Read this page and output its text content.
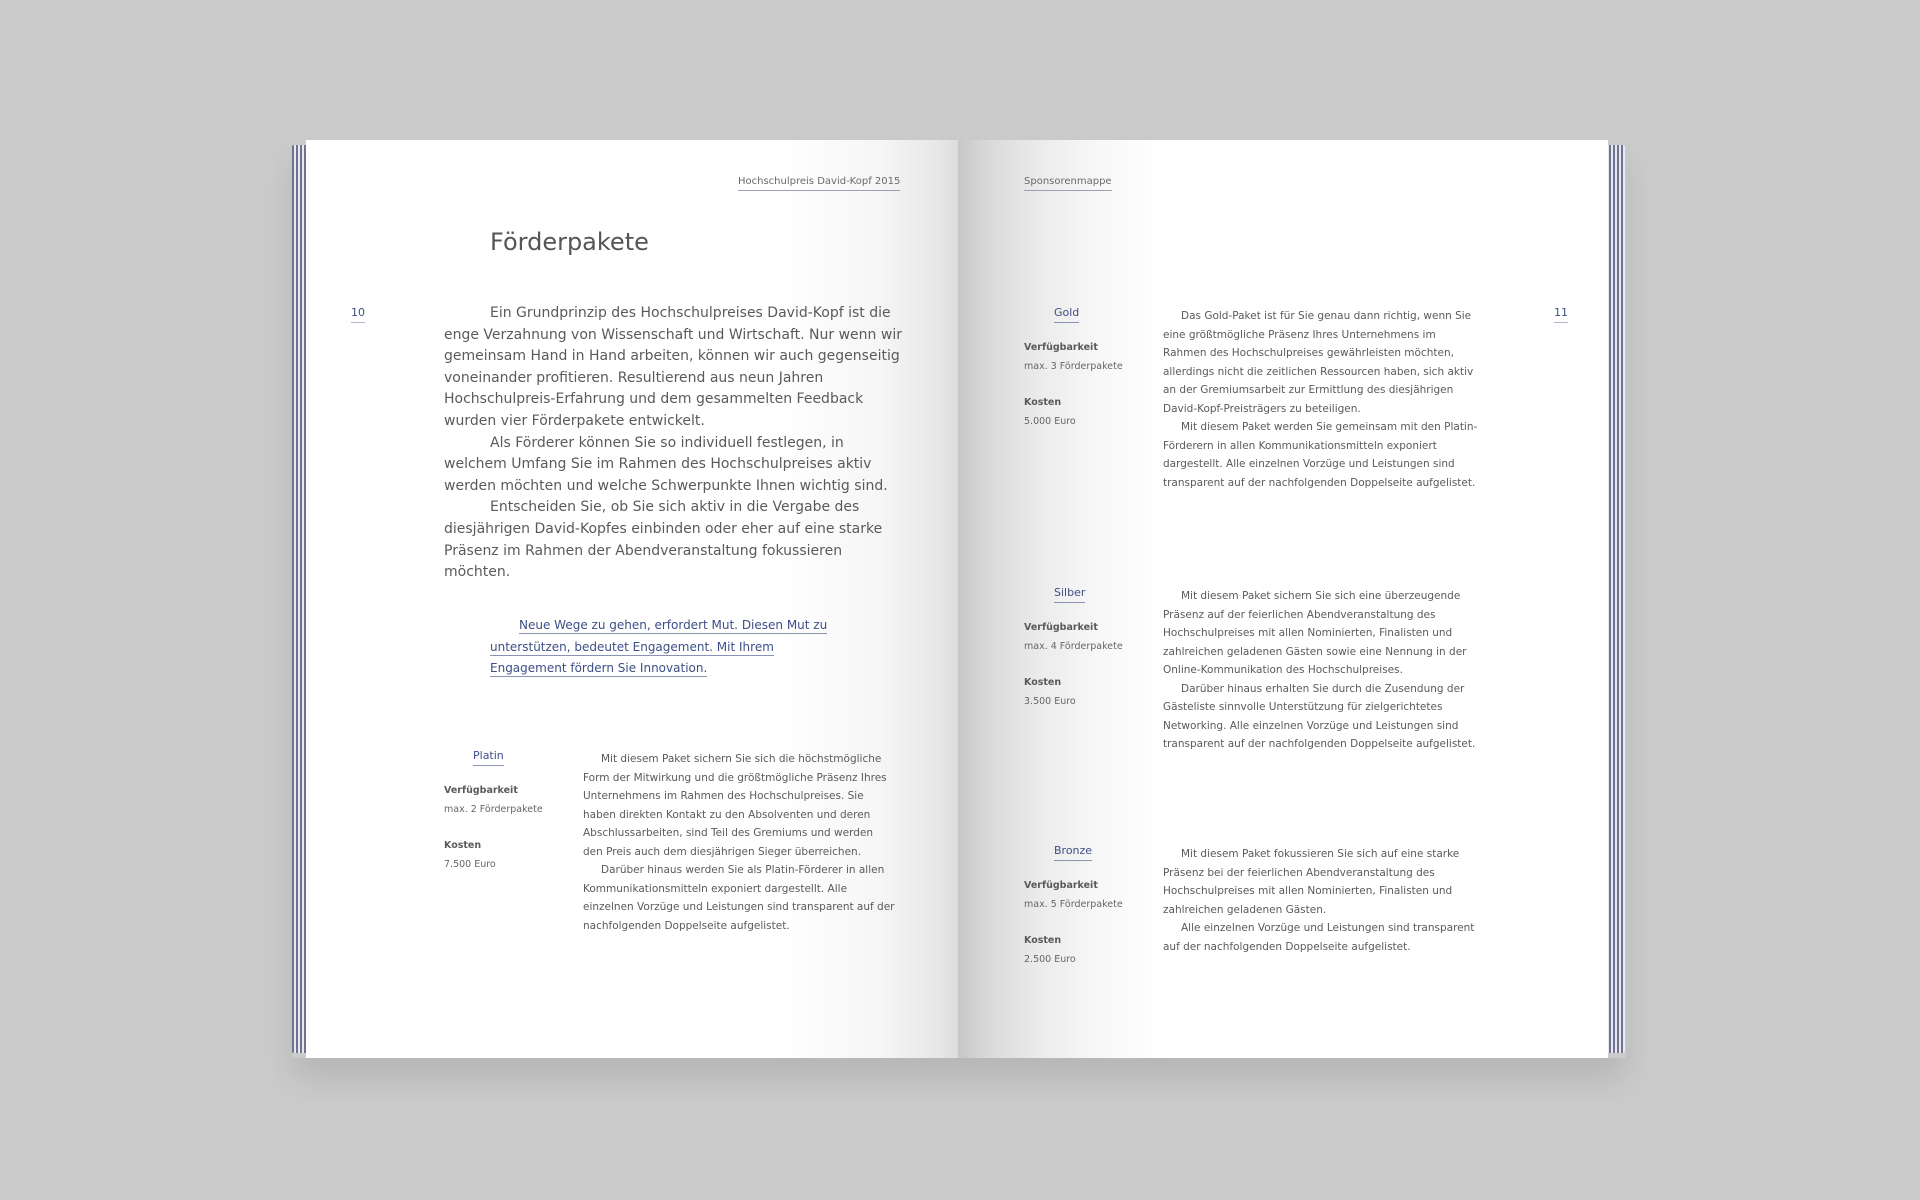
Hochschulpreis David-Kopf 2015
10
Förderpakete

Ein Grundprinzip des Hochschulpreises David-Kopf ist die enge Verzahnung von Wissenschaft und Wirtschaft. Nur wenn wir gemeinsam Hand in Hand arbeiten, können wir auch gegenseitig voneinander profitieren. Resultierend aus neun Jahren Hochschulpreis-Erfahrung und dem gesammelten Feedback wurden vier Förderpakete entwickelt.

Als Förderer können Sie so individuell festlegen, in welchem Umfang Sie im Rahmen des Hochschulpreises aktiv werden möchten und welche Schwerpunkte Ihnen wichtig sind.

Entscheiden Sie, ob Sie sich aktiv in die Vergabe des diesjährigen David-Kopfes einbinden oder eher auf eine starke Präsenz im Rahmen der Abendveranstaltung fokussieren möchten.

Neue Wege zu gehen, erfordert Mut. Diesen Mut zu unterstützen, bedeutet Engagement. Mit Ihrem Engagement fördern Sie Innovation.

Platin
Verfügbarkeit
max. 2 Förderpakete
Kosten
7.500 Euro

Mit diesem Paket sichern Sie sich die höchstmögliche Form der Mitwirkung und die größtmögliche Präsenz Ihres Unternehmens im Rahmen des Hochschulpreises. Sie haben direkten Kontakt zu den Absolventen und deren Abschlussarbeiten, sind Teil des Gremiums und werden den Preis auch dem diesjährigen Sieger überreichen.

Darüber hinaus werden Sie als Platin-Förderer in allen Kommunikationsmitteln exponiert dargestellt. Alle einzelnen Vorzüge und Leistungen sind transparent auf der nachfolgenden Doppelseite aufgelistet.

Sponsorenmappe
11
Gold
Verfügbarkeit
max. 3 Förderpakete
Kosten
5.000 Euro

Das Gold-Paket ist für Sie genau dann richtig, wenn Sie eine größtmögliche Präsenz Ihres Unternehmens im Rahmen des Hochschulpreises gewährleisten möchten, allerdings nicht die zeitlichen Ressourcen haben, sich aktiv an der Gremiumsarbeit zur Ermittlung des diesjährigen David-Kopf-Preisträgers zu beteiligen.

Mit diesem Paket werden Sie gemeinsam mit den Platin-Förderern in allen Kommunikationsmitteln exponiert dargestellt. Alle einzelnen Vorzüge und Leistungen sind transparent auf der nachfolgenden Doppelseite aufgelistet.

Silber
Verfügbarkeit
max. 4 Förderpakete
Kosten
3.500 Euro

Mit diesem Paket sichern Sie sich eine überzeugende Präsenz auf der feierlichen Abendveranstaltung des Hochschulpreises mit allen Nominierten, Finalisten und zahlreichen geladenen Gästen sowie eine Nennung in der Online-Kommunikation des Hochschulpreises.

Darüber hinaus erhalten Sie durch die Zusendung der Gästeliste sinnvolle Unterstützung für zielgerichtetes Networking. Alle einzelnen Vorzüge und Leistungen sind transparent auf der nachfolgenden Doppelseite aufgelistet.

Bronze
Verfügbarkeit
max. 5 Förderpakete
Kosten
2.500 Euro

Mit diesem Paket fokussieren Sie sich auf eine starke Präsenz bei der feierlichen Abendveranstaltung des Hochschulpreises mit allen Nominierten, Finalisten und zahlreichen geladenen Gästen.

Alle einzelnen Vorzüge und Leistungen sind transparent auf der nachfolgenden Doppelseite aufgelistet.
